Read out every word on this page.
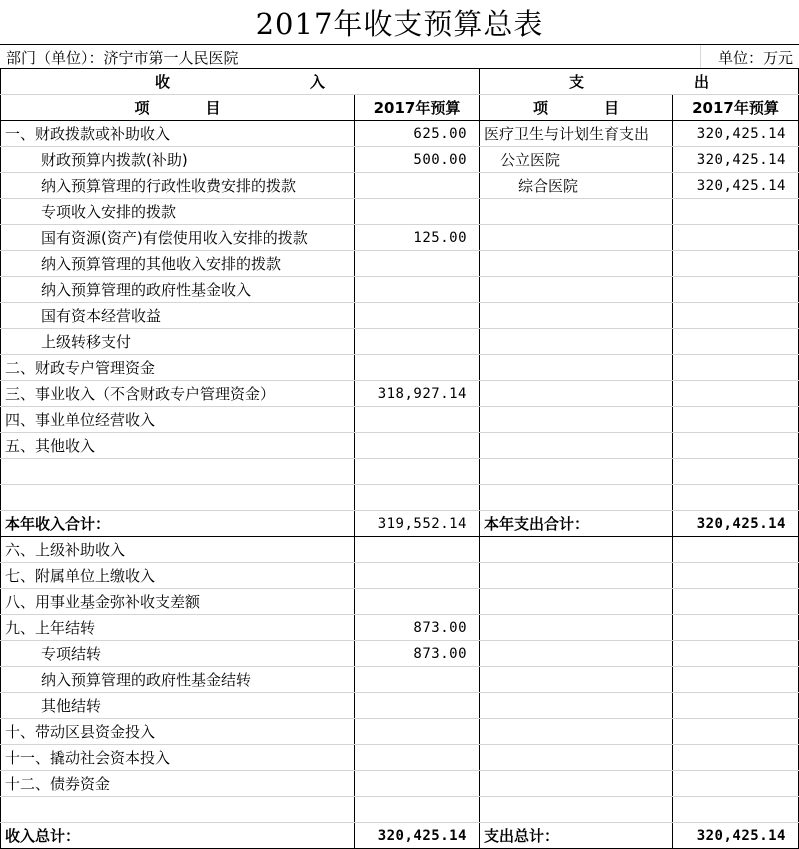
2017年收支预算总表
部门（单位）：济宁市第一人民医院	单位：万元
收 入		支 出	
项 目	2017年预算	项 目	2017年预算
一、财政拨款或补助收入	625.00	医疗卫生与计划生育支出	320,425.14
财政预算内拨款(补助)	500.00	公立医院	320,425.14
纳入预算管理的行政性收费安排的拨款		综合医院	320,425.14
专项收入安排的拨款			
国有资源(资产)有偿使用收入安排的拨款	125.00		
纳入预算管理的其他收入安排的拨款			
纳入预算管理的政府性基金收入			
国有资本经营收益			
上级转移支付			
二、财政专户管理资金			
三、事业收入（不含财政专户管理资金）	318,927.14		
四、事业单位经营收入			
五、其他收入			

本年收入合计：	319,552.14	本年支出合计：	320,425.14
六、上级补助收入			
七、附属单位上缴收入			
八、用事业基金弥补收支差额			
九、上年结转	873.00		
专项结转	873.00		
纳入预算管理的政府性基金结转			
其他结转			
十、带动区县资金投入			
十一、撬动社会资本投入			
十二、债券资金			

收入总计：	320,425.14	支出总计：	320,425.14
